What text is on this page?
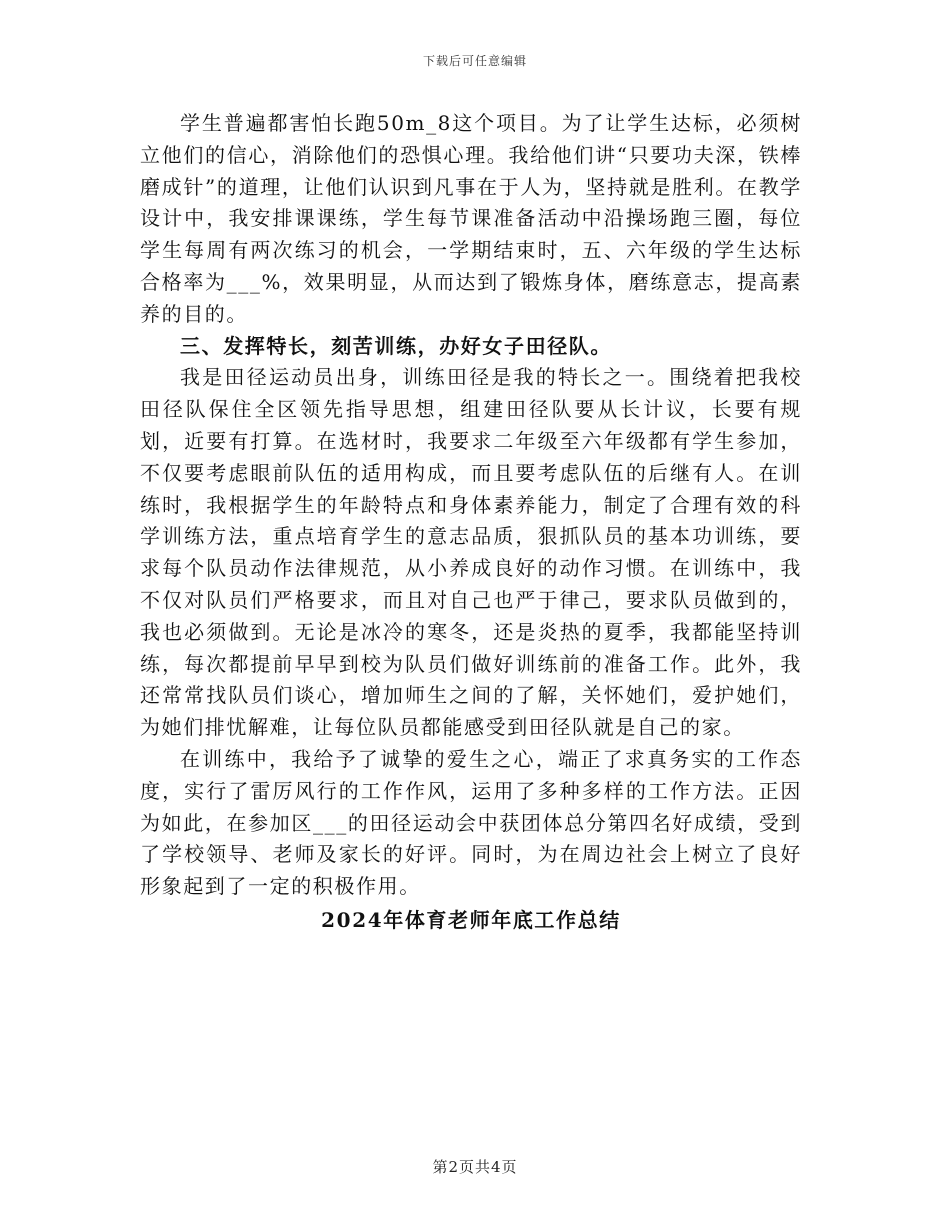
下载后可任意编辑

学生普遍都害怕长跑50m_8这个项目。为了让学生达标，必须树立他们的信心，消除他们的恐惧心理。我给他们讲“只要功夫深，铁棒磨成针”的道理，让他们认识到凡事在于人为，坚持就是胜利。在教学设计中，我安排课课练，学生每节课准备活动中沿操场跑三圈，每位学生每周有两次练习的机会，一学期结束时，五、六年级的学生达标合格率为___%，效果明显，从而达到了锻炼身体，磨练意志，提高素养的目的。

三、发挥特长，刻苦训练，办好女子田径队。

我是田径运动员出身，训练田径是我的特长之一。围绕着把我校田径队保住全区领先指导思想，组建田径队要从长计议，长要有规划，近要有打算。在选材时，我要求二年级至六年级都有学生参加，不仅要考虑眼前队伍的适用构成，而且要考虑队伍的后继有人。在训练时，我根据学生的年龄特点和身体素养能力，制定了合理有效的科学训练方法，重点培育学生的意志品质，狠抓队员的基本功训练，要求每个队员动作法律规范，从小养成良好的动作习惯。在训练中，我不仅对队员们严格要求，而且对自己也严于律己，要求队员做到的，我也必须做到。无论是冰冷的寒冬，还是炎热的夏季，我都能坚持训练，每次都提前早早到校为队员们做好训练前的准备工作。此外，我还常常找队员们谈心，增加师生之间的了解，关怀她们，爱护她们，为她们排忧解难，让每位队员都能感受到田径队就是自己的家。

在训练中，我给予了诚挚的爱生之心，端正了求真务实的工作态度，实行了雷厉风行的工作作风，运用了多种多样的工作方法。正因为如此，在参加区___的田径运动会中获团体总分第四名好成绩，受到了学校领导、老师及家长的好评。同时，为在周边社会上树立了良好形象起到了一定的积极作用。

2024年体育老师年底工作总结

第2页共4页
